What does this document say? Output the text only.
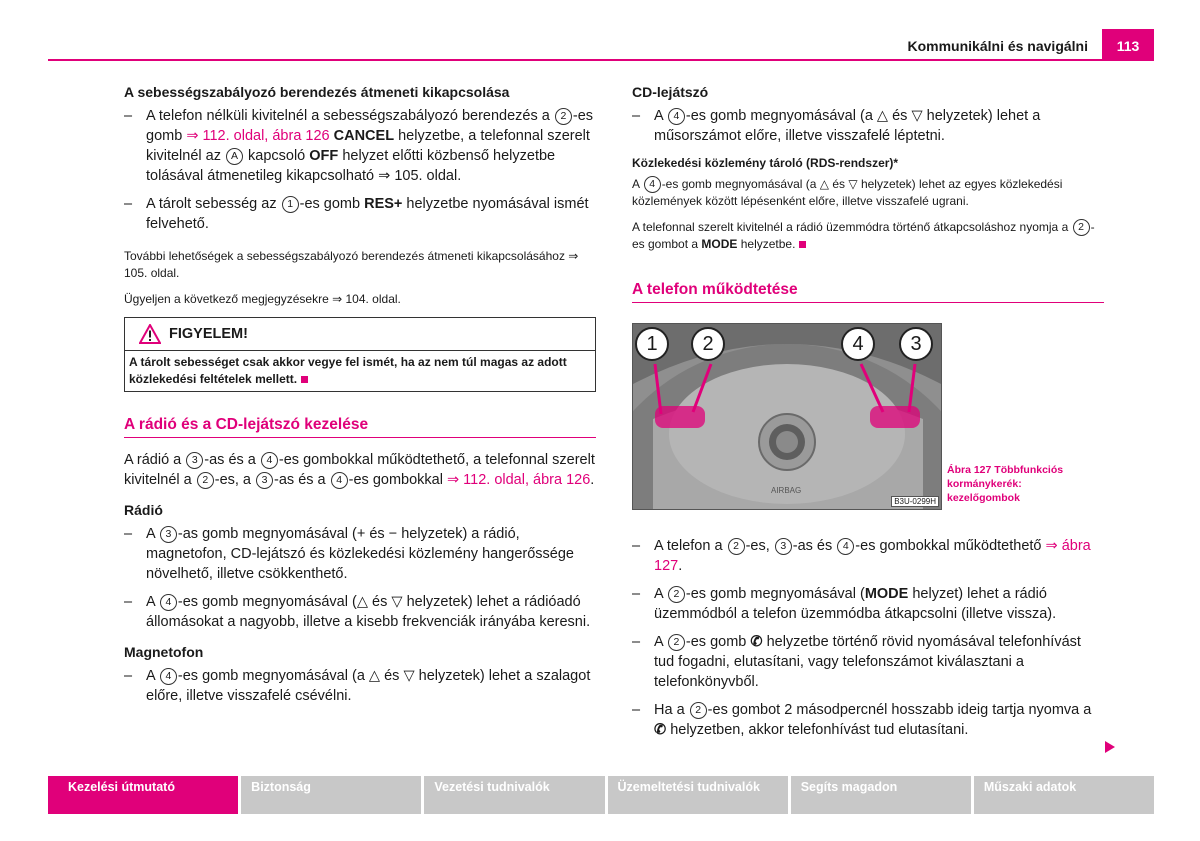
Kommunikálni és navigálni	113
A sebességszabályozó berendezés átmeneti kikapcsolása
– A telefon nélküli kivitelnél a sebességszabályozó berendezés a 2 -es gomb ⇒ 112. oldal, ábra 126 CANCEL helyzetbe, a telefonnal szerelt kivitelnél az A kapcsoló OFF helyzet előtti közbenső helyzetbe tolásával átmenetileg kikapcsolható ⇒ 105. oldal.
– A tárolt sebesség az 1 -es gomb RES+ helyzetbe nyomásával ismét felvehető.

További lehetőségek a sebességszabályozó berendezés átmeneti kikapcsolásához ⇒ 105. oldal.

Ügyeljen a következő megjegyzésekre ⇒ 104. oldal.

FIGYELEM!
A tárolt sebességet csak akkor vegye fel ismét, ha az nem túl magas az adott közlekedési feltételek mellett.
A rádió és a CD-lejátszó kezelése

A rádió a 3 -as és a 4 -es gombokkal működtethető, a telefonnal szerelt kivitelnél a 2 -es, a 3 -as és a 4 -es gombokkal ⇒ 112. oldal, ábra 126.

Rádió
– A 3 -as gomb megnyomásával (+ és − helyzetek) a rádió, magnetofon, CD-lejátszó és közlekedési közlemény hangerőssége növelhető, illetve csökkenthető.
– A 4 -es gomb megnyomásával (△ és ▽ helyzetek) lehet a rádióadó állomásokat a nagyobb, illetve a kisebb frekvenciák irányába keresni.
Magnetofon
– A 4 -es gomb megnyomásával (a △ és ▽ helyzetek) lehet a szalagot előre, illetve visszafelé csévélni.
CD-lejátszó
– A 4 -es gomb megnyomásával (a △ és ▽ helyzetek) lehet a műsorszámot előre, illetve visszafelé léptetni.
Közlekedési közlemény tároló (RDS-rendszer)*

A 4 -es gomb megnyomásával (a △ és ▽ helyzetek) lehet az egyes közlekedési közlemények között lépésenként előre, illetve visszafelé ugrani.

A telefonnal szerelt kivitelnél a rádió üzemmódra történő átkapcsoláshoz nyomja a 2 -es gombot a MODE helyzetbe.

A telefon működtetése
1	2	4	3
AIRBAG
B3U-0299H
Ábra 127 Többfunkciós kormánykerék: kezelőgombok
– A telefon a 2 -es, 3 -as és 4 -es gombokkal működtethető ⇒ ábra 127.
– A 2 -es gomb megnyomásával (MODE helyzet) lehet a rádió üzemmódból a telefon üzemmódba átkapcsolni (illetve vissza).
– A 2 -es gomb ✆ helyzetbe történő rövid nyomásával telefonhívást tud fogadni, elutasítani, vagy telefonszámot kiválasztani a telefonkönyvből.
– Ha a 2 -es gombot 2 másodpercnél hosszabb ideig tartja nyomva a ✆ helyzetben, akkor telefonhívást tud elutasítani.
Kezelési útmutató	Biztonság	Vezetési tudnivalók	Üzemeltetési tudnivalók	Segíts magadon	Műszaki adatok
